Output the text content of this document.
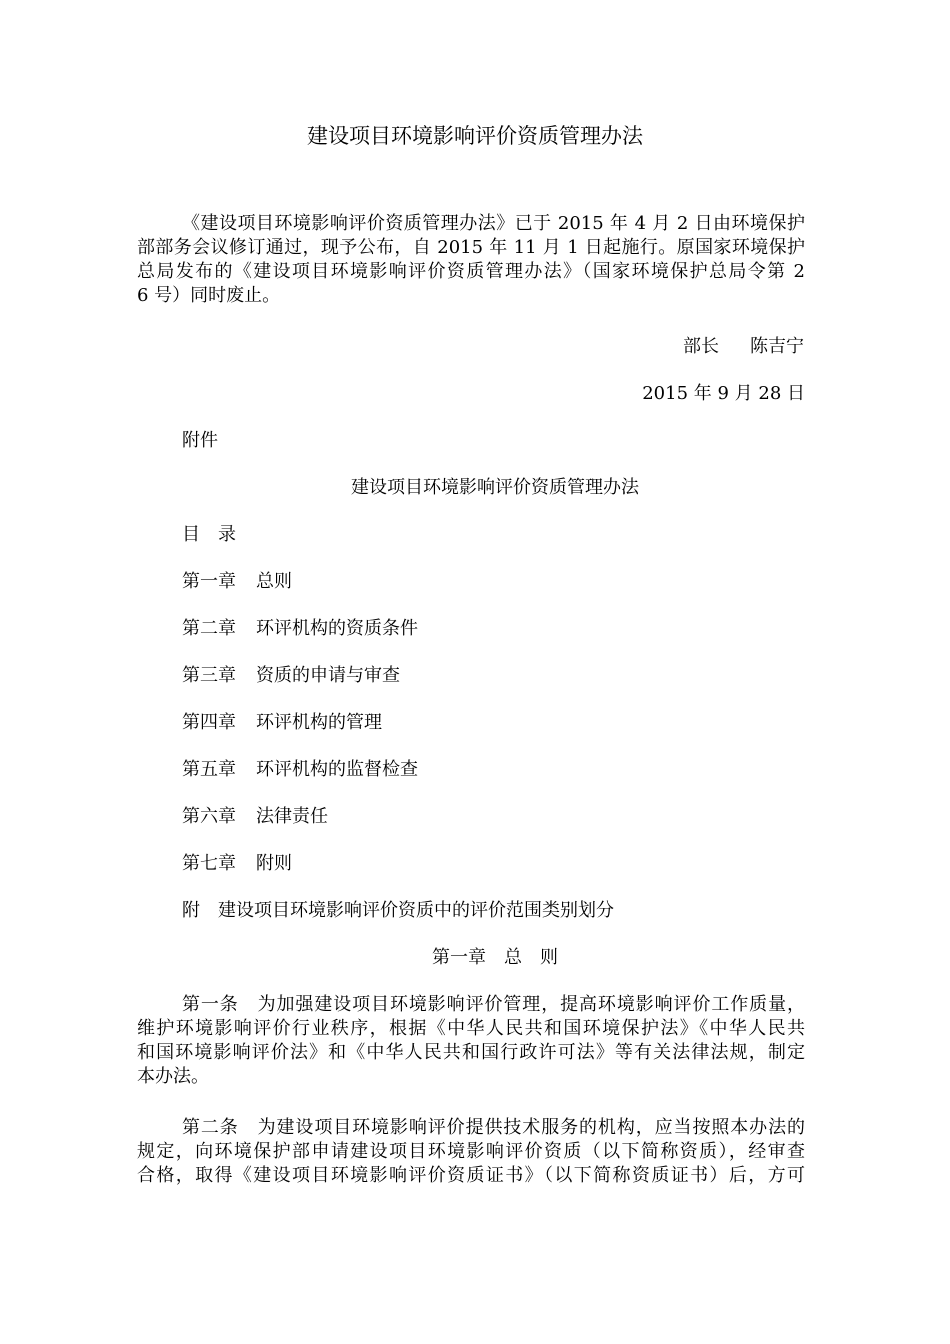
建设项目环境影响评价资质管理办法
《建设项目环境影响评价资质管理办法》已于 2015 年 4 月 2 日由环境保护
部部务会议修订通过，现予公布，自 2015 年 11 月 1 日起施行。原国家环境保护
总局发布的《建设项目环境影响评价资质管理办法》（国家环境保护总局令第 2
6 号）同时废止。
部长 陈吉宁
2015 年 9 月 28 日
附件
建设项目环境影响评价资质管理办法
目　录
第一章 总则
第二章 环评机构的资质条件
第三章 资质的申请与审查
第四章 环评机构的管理
第五章 环评机构的监督检查
第六章 法律责任
第七章 附则
附　建设项目环境影响评价资质中的评价范围类别划分
第一章　总　则
第一条　为加强建设项目环境影响评价管理，提高环境影响评价工作质量，
维护环境影响评价行业秩序，根据《中华人民共和国环境保护法》《中华人民共
和国环境影响评价法》和《中华人民共和国行政许可法》等有关法律法规，制定
本办法。
第二条　为建设项目环境影响评价提供技术服务的机构，应当按照本办法的
规定，向环境保护部申请建设项目环境影响评价资质（以下简称资质），经审查
合格，取得《建设项目环境影响评价资质证书》（以下简称资质证书）后，方可
